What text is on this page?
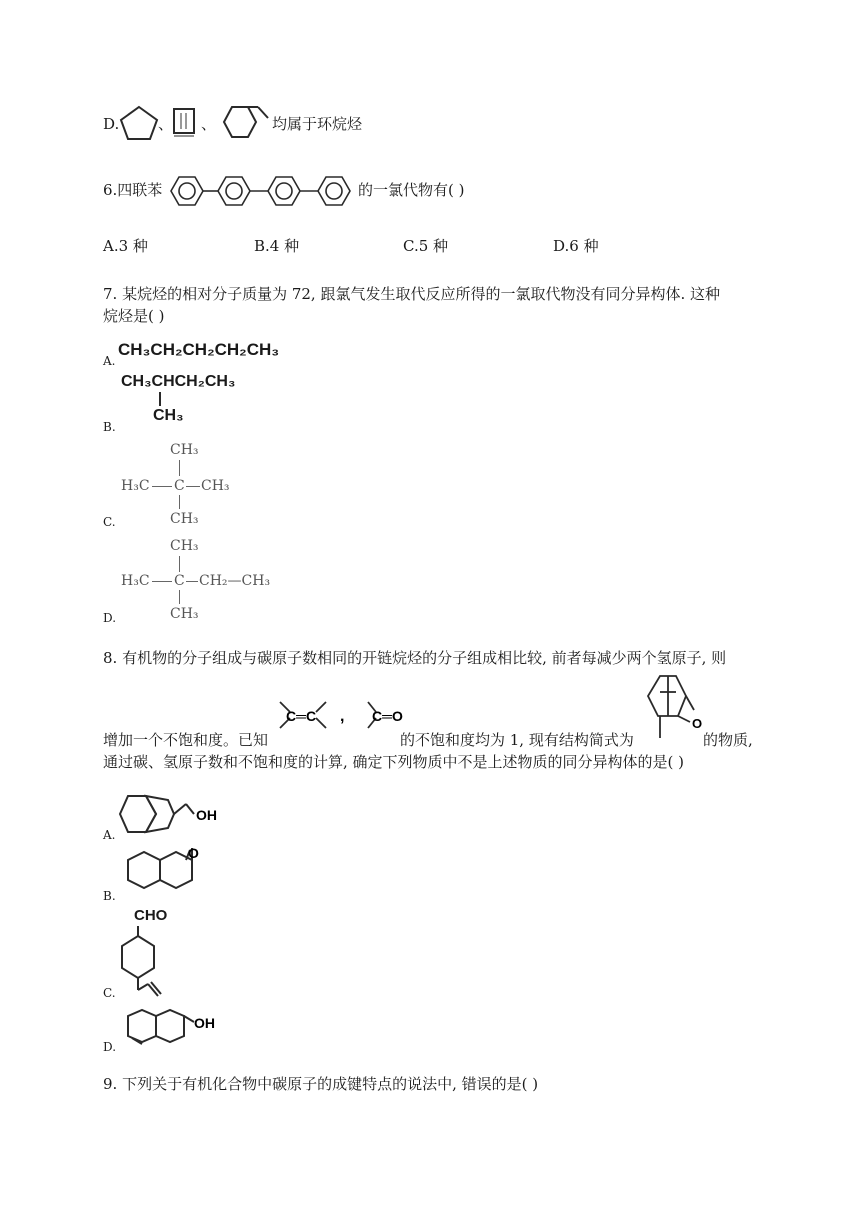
D.	、 、	均属于环烷烃
6.四联苯	的一氯代物有( )
A.3 种	B.4 种	C.5 种	D.6 种
7. 某烷烃的相对分子质量为 72, 跟氯气发生取代反应所得的一氯取代物没有同分异构体. 这种
烷烃是( )
A.
CH₃CH₂CH₂CH₂CH₃
B.
CH₃CHCH₂CH₃
CH₃
C.
CH₃
H₃C C CH₃
CH₃
D.
CH₃
H₃C C CH₂—CH₃
CH₃
8. 有机物的分子组成与碳原子数相同的开链烷烃的分子组成相比较, 前者每减少两个氢原子, 则
C═C , C═O	O
增加一个不饱和度。已知	的不饱和度均为 1, 现有结构简式为	的物质,
通过碳、氢原子数和不饱和度的计算, 确定下列物质中不是上述物质的同分异构体的是( )
A.
OH
B.
O
C.
CHO
D.
OH
9. 下列关于有机化合物中碳原子的成键特点的说法中, 错误的是( )
